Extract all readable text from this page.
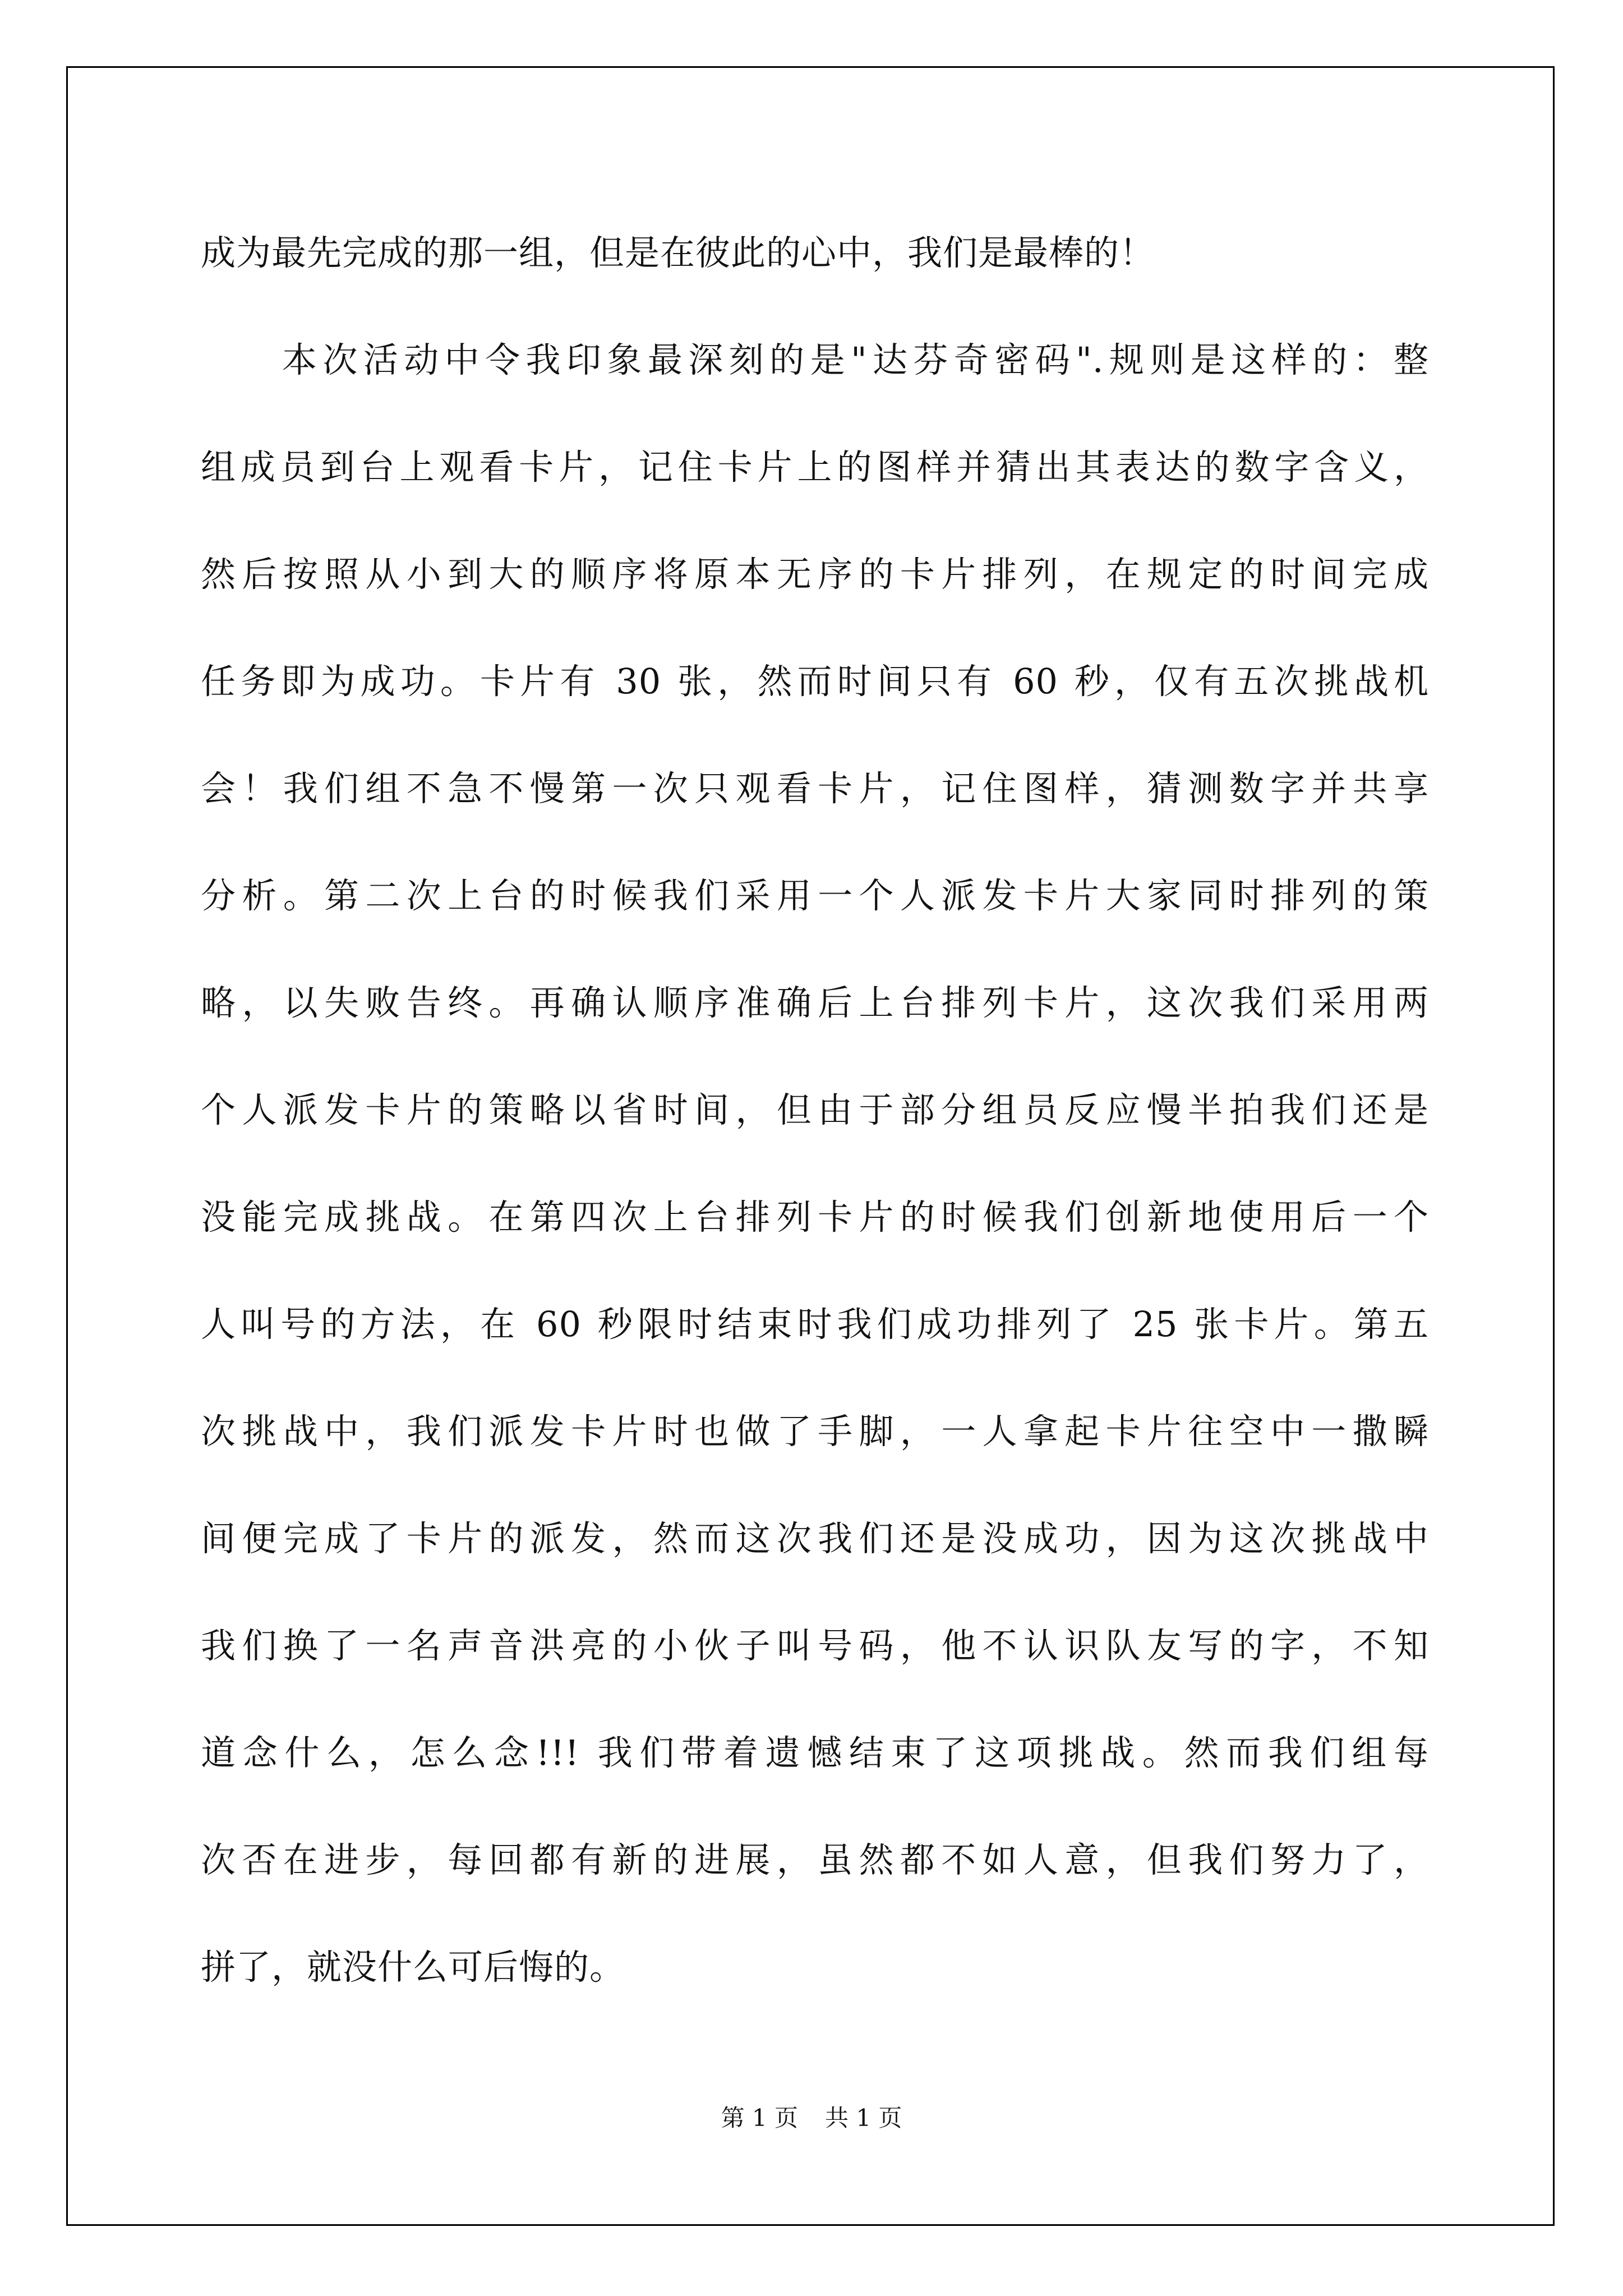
成为最先完成的那一组，但是在彼此的心中，我们是最棒的！
　　本次活动中令我印象最深刻的是"达芬奇密码".规则是这样的：整
组成员到台上观看卡片，记住卡片上的图样并猜出其表达的数字含义，
然后按照从小到大的顺序将原本无序的卡片排列，在规定的时间完成
任务即为成功。卡片有 30 张，然而时间只有 60 秒，仅有五次挑战机
会！我们组不急不慢第一次只观看卡片，记住图样，猜测数字并共享
分析。第二次上台的时候我们采用一个人派发卡片大家同时排列的策
略，以失败告终。再确认顺序准确后上台排列卡片，这次我们采用两
个人派发卡片的策略以省时间，但由于部分组员反应慢半拍我们还是
没能完成挑战。在第四次上台排列卡片的时候我们创新地使用后一个
人叫号的方法，在 60 秒限时结束时我们成功排列了 25 张卡片。第五
次挑战中，我们派发卡片时也做了手脚，一人拿起卡片往空中一撒瞬
间便完成了卡片的派发，然而这次我们还是没成功，因为这次挑战中
我们换了一名声音洪亮的小伙子叫号码，他不认识队友写的字，不知
道念什么，怎么念!!! 我们带着遗憾结束了这项挑战。然而我们组每
次否在进步，每回都有新的进展，虽然都不如人意，但我们努力了，
拼了，就没什么可后悔的。
第 1 页 共 1 页
